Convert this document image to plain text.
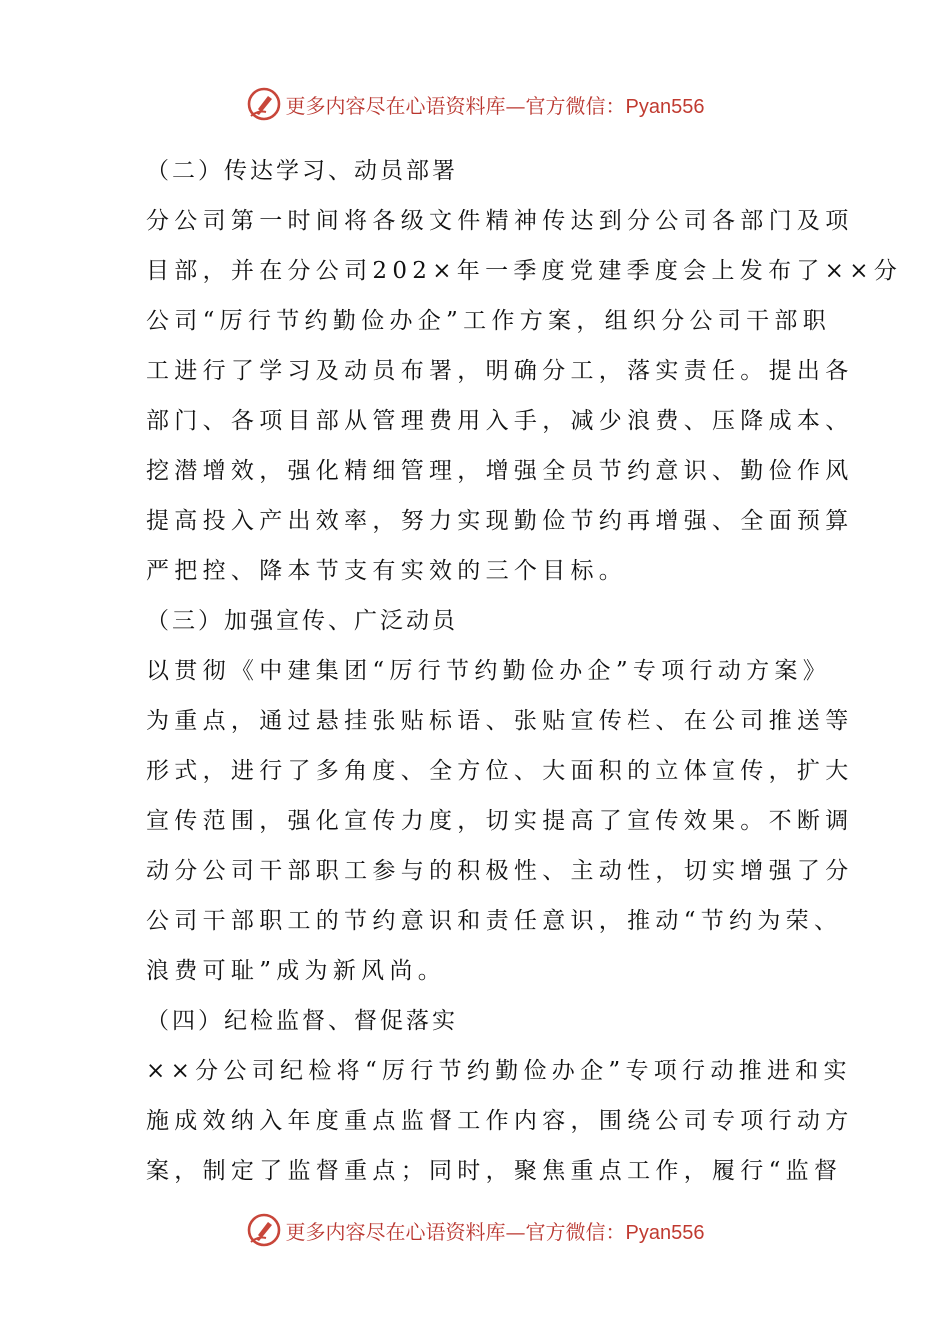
更多内容尽在心语资料库—官方微信：Pyan556
（二）传达学习、动员部署
分公司第一时间将各级文件精神传达到分公司各部门及项
目部，并在分公司202×年一季度党建季度会上发布了××分
公司“厉行节约勤俭办企”工作方案，组织分公司干部职
工进行了学习及动员布署，明确分工，落实责任。提出各
部门、各项目部从管理费用入手，减少浪费、压降成本、
挖潜增效，强化精细管理，增强全员节约意识、勤俭作风
提高投入产出效率，努力实现勤俭节约再增强、全面预算
严把控、降本节支有实效的三个目标。
（三）加强宣传、广泛动员
以贯彻《中建集团“厉行节约勤俭办企”专项行动方案》
为重点，通过悬挂张贴标语、张贴宣传栏、在公司推送等
形式，进行了多角度、全方位、大面积的立体宣传，扩大
宣传范围，强化宣传力度，切实提高了宣传效果。不断调
动分公司干部职工参与的积极性、主动性，切实增强了分
公司干部职工的节约意识和责任意识，推动“节约为荣、
浪费可耻”成为新风尚。
（四）纪检监督、督促落实
××分公司纪检将“厉行节约勤俭办企”专项行动推进和实
施成效纳入年度重点监督工作内容，围绕公司专项行动方
案，制定了监督重点；同时，聚焦重点工作，履行“监督
更多内容尽在心语资料库—官方微信：Pyan556
